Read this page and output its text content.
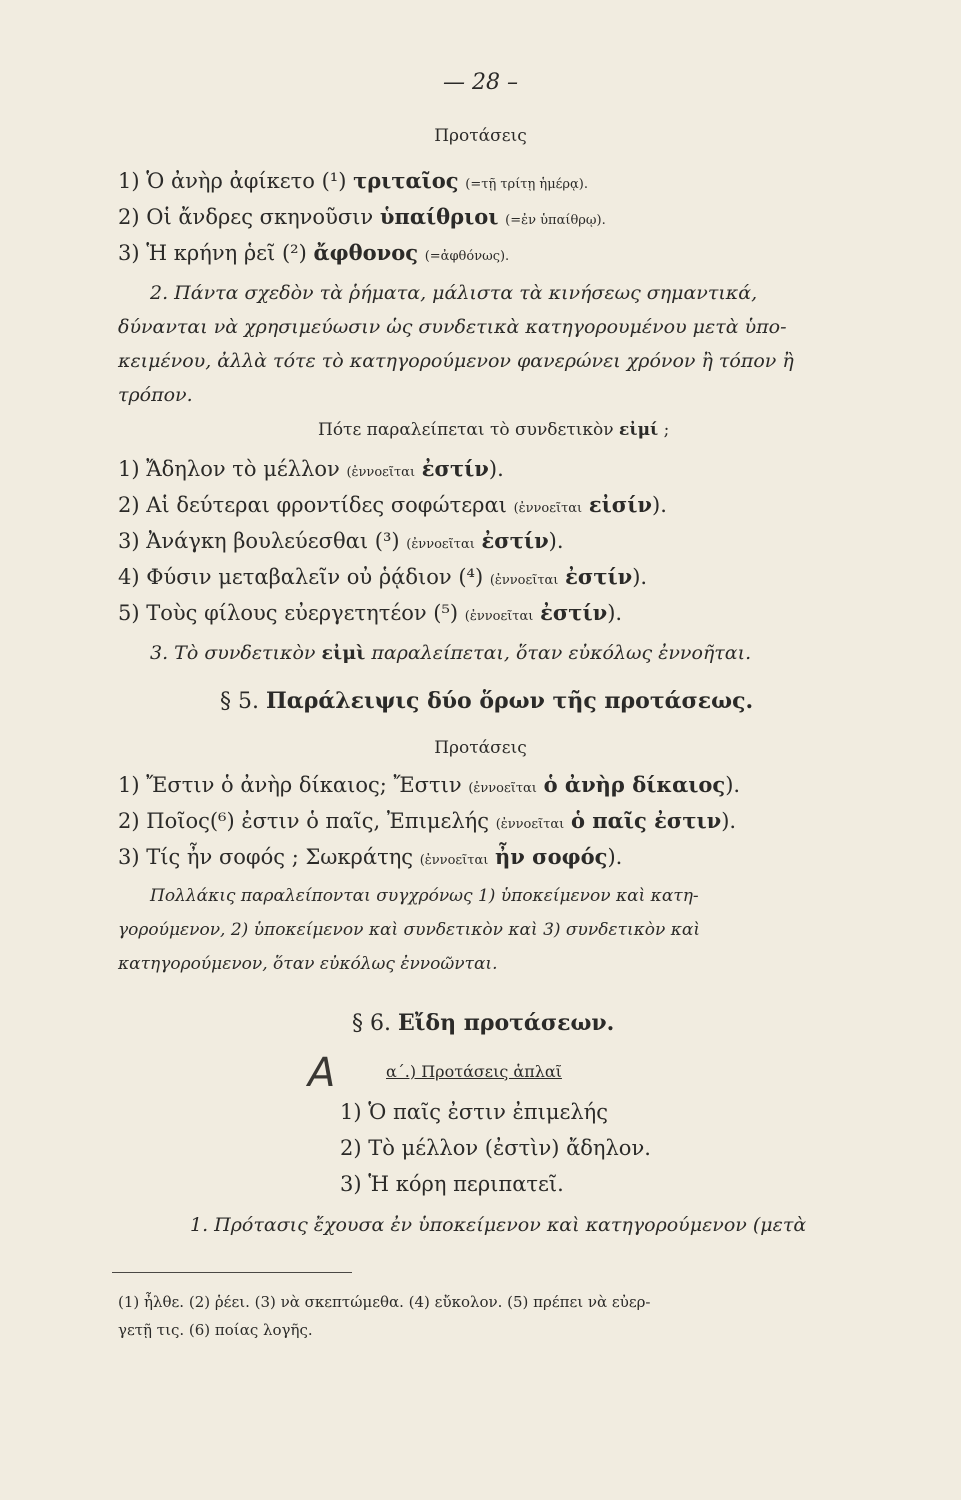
— 28 –
Προτάσεις
1) Ὁ ἀνὴρ ἀφίκετο (¹) τριταῖος (=τῇ τρίτῃ ἡμέρᾳ).
2) Οἱ ἄνδρες σκηνοῦσιν ὑπαίθριοι (=ἐν ὑπαίθρῳ).
3) Ἡ κρήνη ῥεῖ (²) ἄφθονος (=ἀφθόνως).
2. Πάντα σχεδὸν τὰ ῥήματα, μάλιστα τὰ κινήσεως σημαντικά,
δύνανται νὰ χρησιμεύωσιν ὡς συνδετικὰ κατηγορουμένου μετὰ ὑπο-
κειμένου, ἀλλὰ τότε τὸ κατηγορούμενον φανερώνει χρόνον ἢ τόπον ἢ
τρόπον.
Πότε παραλείπεται τὸ συνδετικὸν εἰμί ;
1) Ἄδηλον τὸ μέλλον (ἐννοεῖται ἐστίν).
2) Αἱ δεύτεραι φροντίδες σοφώτεραι (ἐννοεῖται εἰσίν).
3) Ἀνάγκη βουλεύεσθαι (³) (ἐννοεῖται ἐστίν).
4) Φύσιν μεταβαλεῖν οὐ ῥᾴδιον (⁴) (ἐννοεῖται ἐστίν).
5) Τοὺς φίλους εὐεργετητέον (⁵) (ἐννοεῖται ἐστίν).
3. Τὸ συνδετικὸν εἰμὶ παραλείπεται, ὅταν εὐκόλως ἐννοῆται.
§ 5. Παράλειψις δύο ὅρων τῆς προτάσεως.
Προτάσεις
1) Ἔστιν ὁ ἀνὴρ δίκαιος; Ἔστιν (ἐννοεῖται ὁ ἀνὴρ δίκαιος).
2) Ποῖος(⁶) ἐστιν ὁ παῖς, Ἐπιμελής (ἐννοεῖται ὁ παῖς ἐστιν).
3) Τίς ἦν σοφός ; Σωκράτης (ἐννοεῖται ἦν σοφός).
Πολλάκις παραλείπονται συγχρόνως 1) ὑποκείμενον καὶ κατη-
γορούμενον, 2) ὑποκείμενον καὶ συνδετικὸν καὶ 3) συνδετικὸν καὶ
κατηγορούμενον, ὅταν εὐκόλως ἐννοῶνται.
§ 6. Εἴδη προτάσεων.
A	α΄.) Προτάσεις ἁπλαῖ
1) Ὁ παῖς ἐστιν ἐπιμελής
2) Τὸ μέλλον (ἐστὶν) ἄδηλον.
3) Ἡ κόρη περιπατεῖ.
1. Πρότασις ἔχουσα ἐν ὑποκείμενον καὶ κατηγορούμενον (μετὰ
(1) ἦλθε. (2) ῥέει. (3) νὰ σκεπτώμεθα. (4) εὔκολον. (5) πρέπει νὰ εὐερ-
γετῇ τις. (6) ποίας λογῆς.
